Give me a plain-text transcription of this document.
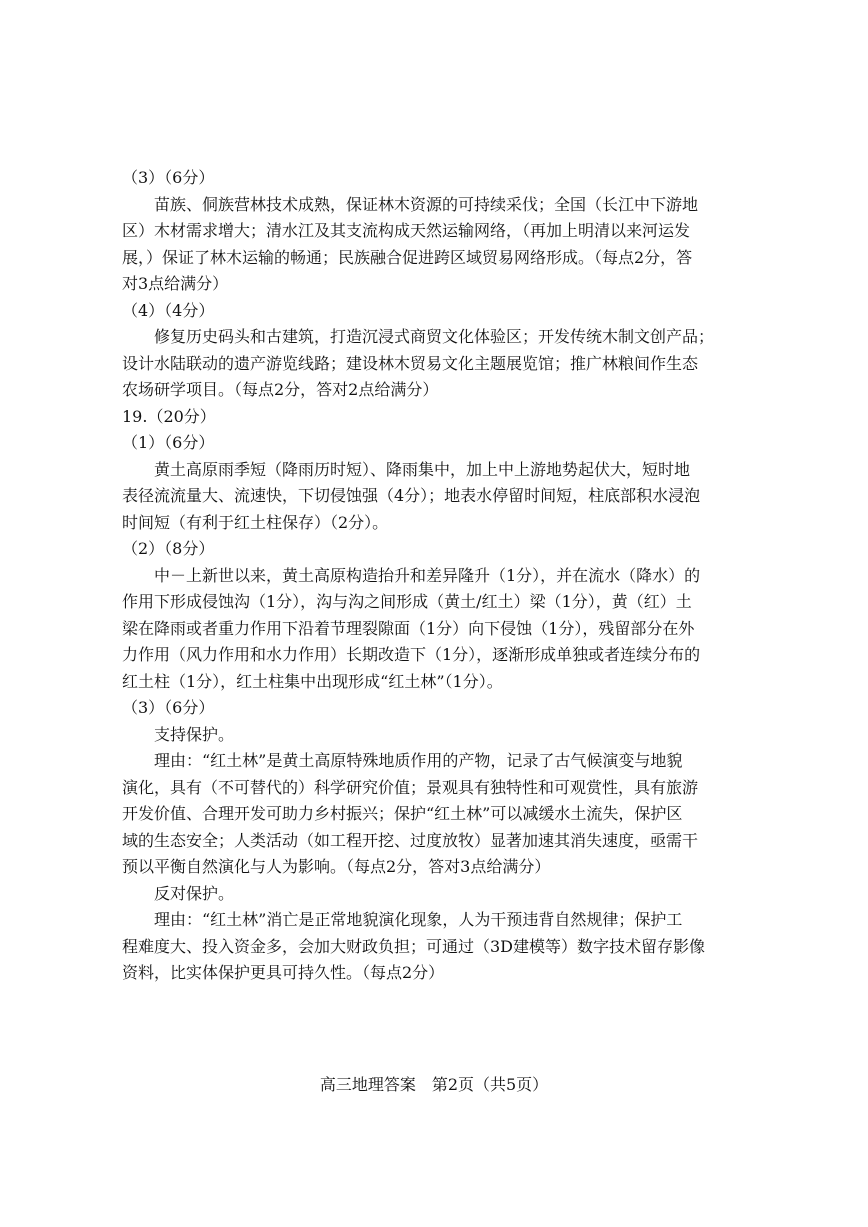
（3）（6分）
苗族、侗族营林技术成熟，保证林木资源的可持续采伐；全国（长江中下游地
区）木材需求增大；清水江及其支流构成天然运输网络，（再加上明清以来河运发
展，）保证了林木运输的畅通；民族融合促进跨区域贸易网络形成。（每点2分，答
对3点给满分）
（4）（4分）
修复历史码头和古建筑，打造沉浸式商贸文化体验区；开发传统木制文创产品；
设计水陆联动的遗产游览线路；建设林木贸易文化主题展览馆；推广林粮间作生态
农场研学项目。（每点2分，答对2点给满分）
19.（20分）
（1）（6分）
黄土高原雨季短（降雨历时短）、降雨集中，加上中上游地势起伏大，短时地
表径流流量大、流速快，下切侵蚀强（4分）；地表水停留时间短，柱底部积水浸泡
时间短（有利于红土柱保存）（2分）。
（2）（8分）
中－上新世以来，黄土高原构造抬升和差异隆升（1分），并在流水（降水）的
作用下形成侵蚀沟（1分），沟与沟之间形成（黄土/红土）梁（1分），黄（红）土
梁在降雨或者重力作用下沿着节理裂隙面（1分）向下侵蚀（1分），残留部分在外
力作用（风力作用和水力作用）长期改造下（1分），逐渐形成单独或者连续分布的
红土柱（1分），红土柱集中出现形成“红土林”（1分）。
（3）（6分）
支持保护。
理由：“红土林”是黄土高原特殊地质作用的产物，记录了古气候演变与地貌
演化，具有（不可替代的）科学研究价值；景观具有独特性和可观赏性，具有旅游
开发价值、合理开发可助力乡村振兴；保护“红土林”可以减缓水土流失，保护区
域的生态安全；人类活动（如工程开挖、过度放牧）显著加速其消失速度，亟需干
预以平衡自然演化与人为影响。（每点2分，答对3点给满分）
反对保护。
理由：“红土林”消亡是正常地貌演化现象，人为干预违背自然规律；保护工
程难度大、投入资金多，会加大财政负担；可通过（3D建模等）数字技术留存影像
资料，比实体保护更具可持久性。（每点2分）
高三地理答案　第2页（共5页）
